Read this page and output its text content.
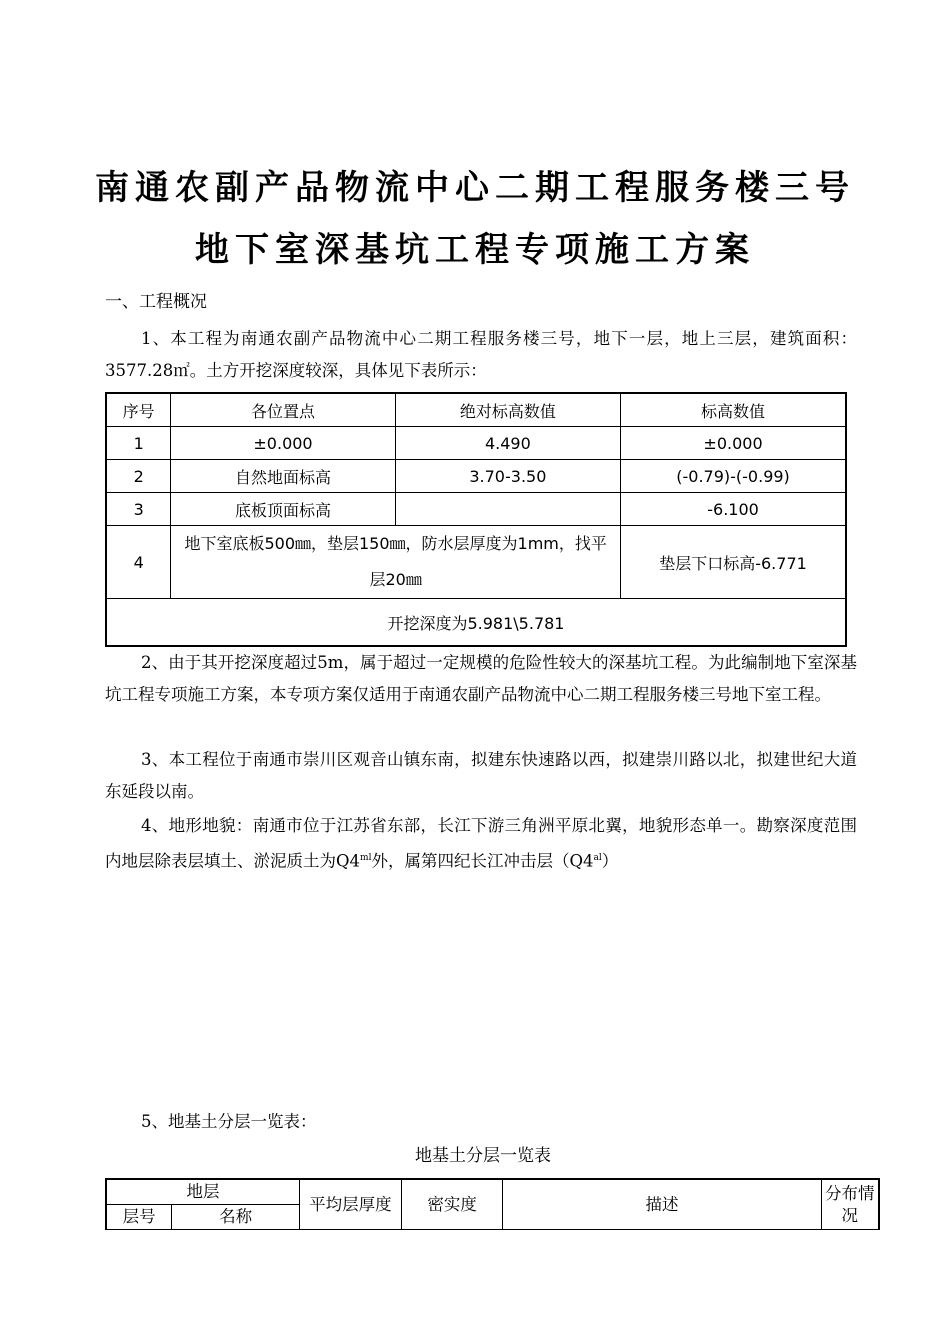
南通农副产品物流中心二期工程服务楼三号
地下室深基坑工程专项施工方案
一、工程概况
1、本工程为南通农副产品物流中心二期工程服务楼三号，地下一层，地上三层，建筑面积：3577.28㎡。土方开挖深度较深，具体见下表所示：
序号	各位置点	绝对标高数值	标高数值
1	±0.000	4.490	±0.000
2	自然地面标高	3.70-3.50	(-0.79)-(-0.99)
3	底板顶面标高		-6.100
4	地下室底板500㎜，垫层150㎜，防水层厚度为1mm，找平层20㎜		垫层下口标高-6.771
开挖深度为5.981\5.781			
2、由于其开挖深度超过5m，属于超过一定规模的危险性较大的深基坑工程。为此编制地下室深基坑工程专项施工方案，本专项方案仅适用于南通农副产品物流中心二期工程服务楼三号地下室工程。
3、本工程位于南通市崇川区观音山镇东南，拟建东快速路以西，拟建崇川路以北，拟建世纪大道东延段以南。
4、地形地貌：南通市位于江苏省东部，长江下游三角洲平原北翼，地貌形态单一。勘察深度范围内地层除表层填土、淤泥质土为$Q4^{ml}$外，属第四纪长江冲击层$(Q4^{al})$
5、地基土分层一览表：
地基土分层一览表
地层		平均层厚度	密实度	描述	分布情况
层号	名称				
